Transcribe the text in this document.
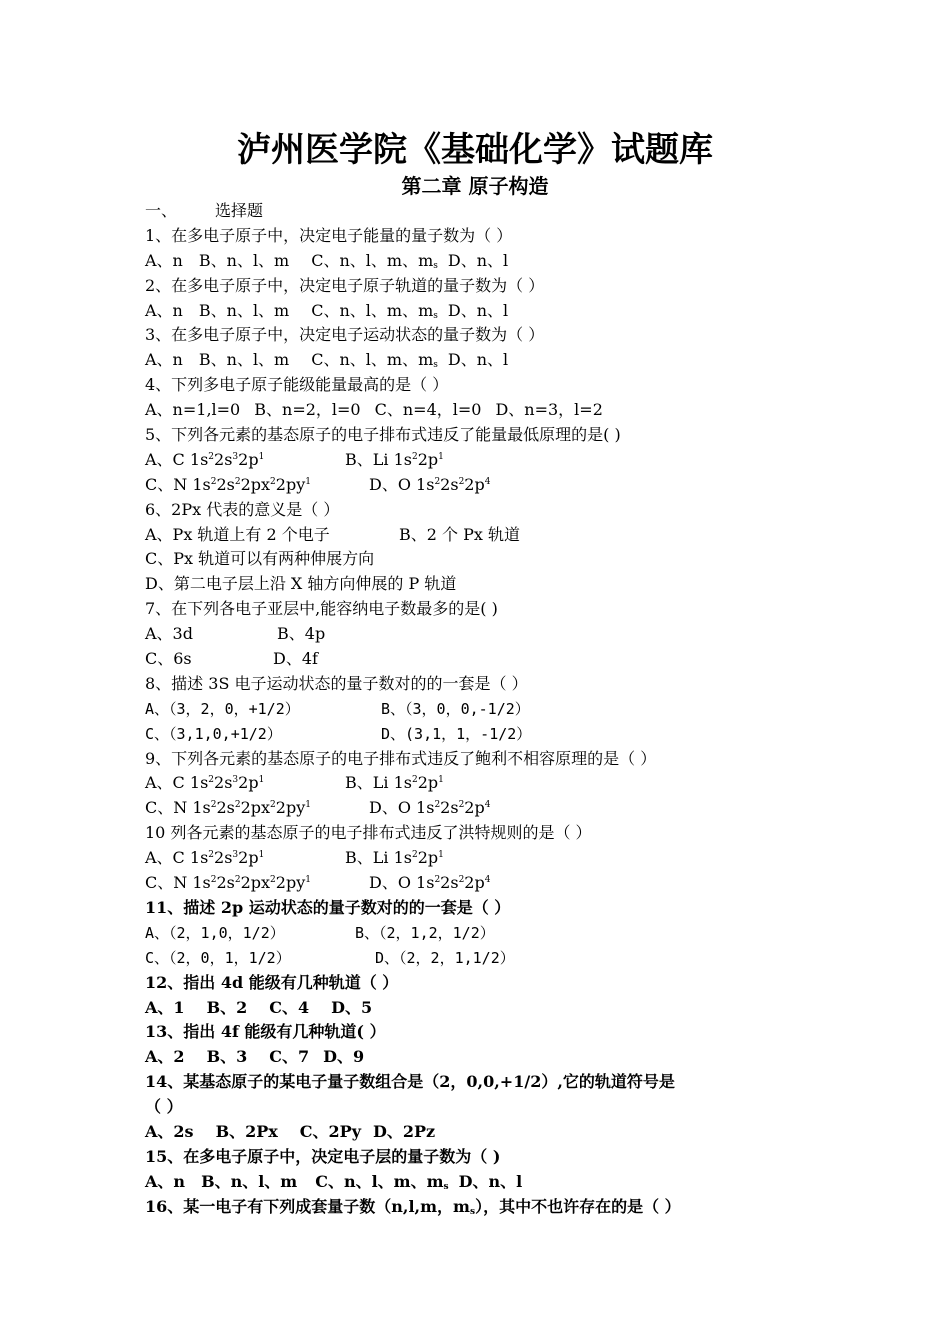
泸州医学院《基础化学》试题库
第二章 原子构造
一、 选择题
1、在多电子原子中，决定电子能量的量子数为（ ）
A、n B、n、l、m C、n、l、m、$m_s$ D、n、l
2、在多电子原子中，决定电子原子轨道的量子数为（ ）
A、n B、n、l、m C、n、l、m、$m_s$ D、n、l
3、在多电子原子中，决定电子运动状态的量子数为（ ）
A、n B、n、l、m C、n、l、m、$m_s$ D、n、l
4、下列多电子原子能级能量最高的是（ ）
A、n=1,l=0 B、n=2，l=0 C、n=4，l=0 D、n=3，l=2
5、下列各元素的基态原子的电子排布式违反了能量最低原理的是( )
A、C $1s^22s^32p^1$	B、Li $1s^22p^1$
C、N $1s^22s^22px^22py^1$	D、O $1s^22s^22p^4$
6、2Px 代表的意义是（ ）
A、Px 轨道上有 2 个电子	B、2 个 Px 轨道
C、Px 轨道可以有两种伸展方向
D、第二电子层上沿 X 轴方向伸展的 P 轨道
7、在下列各电子亚层中,能容纳电子数最多的是( )
A、3d	B、4p
C、6s	D、4f
8、描述 3S 电子运动状态的量子数对的的一套是（ ）
A、（3，2，0，+1/2）	B、（3，0，0,-1/2）
C、（3,1,0,+1/2）	D、(3,1，1，-1/2）
9、下列各元素的基态原子的电子排布式违反了鲍利不相容原理的是（ ）
A、C $1s^22s^32p^1$	B、Li $1s^22p^1$
C、N $1s^22s^22px^22py^1$	D、O $1s^22s^22p^4$
10 列各元素的基态原子的电子排布式违反了洪特规则的是（ ）
A、C $1s^22s^32p^1$	B、Li $1s^22p^1$
C、N $1s^22s^22px^22py^1$	D、O $1s^22s^22p^4$
11、描述 2p 运动状态的量子数对的的一套是（ ）
A、（2，1,0，1/2）	B、（2，1,2，1/2）
C、（2，0，1，1/2）	D、（2，2，1,1/2）
12、指出 4d 能级有几种轨道（ ）
A、1 B、2 C、4 D、5
13、指出 4f 能级有几种轨道( ）
A、2 B、3 C、7 D、9
14、某基态原子的某电子量子数组合是（2，0,0,+1/2）,它的轨道符号是
（ ）
A、2s B、2Px C、2Py D、2Pz
15、在多电子原子中，决定电子层的量子数为（ )
A、n B、n、l、m C、n、l、m、$m_s$ D、n、l
16、某一电子有下列成套量子数（n,l,m，$m_s$），其中不也许存在的是（ ）
